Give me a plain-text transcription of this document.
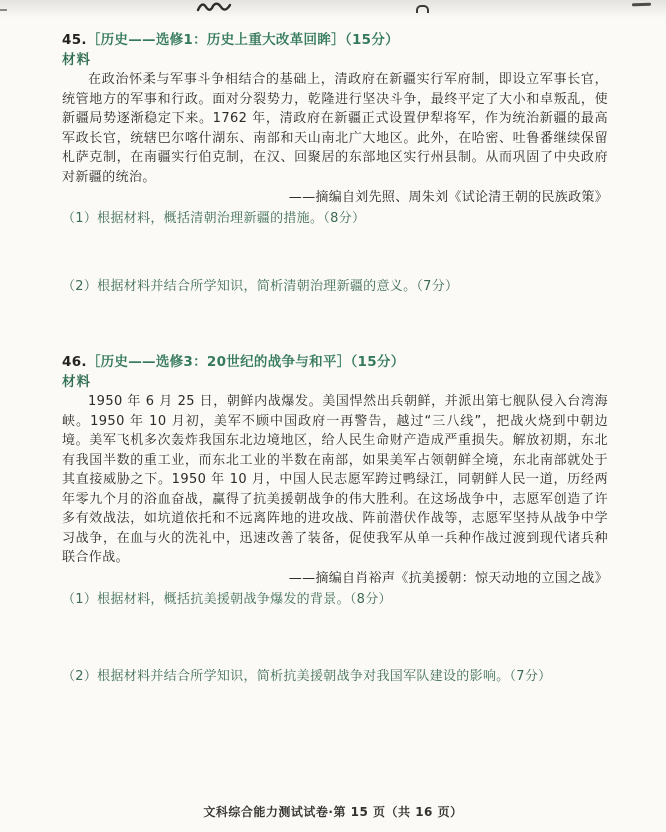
45.［历史——选修1：历史上重大改革回眸］（15分）

材料

在政治怀柔与军事斗争相结合的基础上，清政府在新疆实行军府制，即设立军事长官，统管地方的军事和行政。面对分裂势力，乾隆进行坚决斗争，最终平定了大小和卓叛乱，使新疆局势逐渐稳定下来。1762 年，清政府在新疆正式设置伊犁将军，作为统治新疆的最高军政长官，统辖巴尔喀什湖东、南部和天山南北广大地区。此外，在哈密、吐鲁番继续保留札萨克制，在南疆实行伯克制，在汉、回聚居的东部地区实行州县制。从而巩固了中央政府对新疆的统治。

——摘编自刘先照、周朱刘《试论清王朝的民族政策》

（1）根据材料，概括清朝治理新疆的措施。（8分）

（2）根据材料并结合所学知识，简析清朝治理新疆的意义。（7分）

46.［历史——选修3：20世纪的战争与和平］（15分）

材料

1950 年 6 月 25 日，朝鲜内战爆发。美国悍然出兵朝鲜，并派出第七舰队侵入台湾海峡。1950 年 10 月初，美军不顾中国政府一再警告，越过“三八线”，把战火烧到中朝边境。美军飞机多次轰炸我国东北边境地区，给人民生命财产造成严重损失。解放初期，东北有我国半数的重工业，而东北工业的半数在南部，如果美军占领朝鲜全境，东北南部就处于其直接威胁之下。1950 年 10 月，中国人民志愿军跨过鸭绿江，同朝鲜人民一道，历经两年零九个月的浴血奋战，赢得了抗美援朝战争的伟大胜利。在这场战争中，志愿军创造了许多有效战法，如坑道依托和不远离阵地的进攻战、阵前潜伏作战等，志愿军坚持从战争中学习战争，在血与火的洗礼中，迅速改善了装备，促使我军从单一兵种作战过渡到现代诸兵种联合作战。

——摘编自肖裕声《抗美援朝：惊天动地的立国之战》

（1）根据材料，概括抗美援朝战争爆发的背景。（8分）

（2）根据材料并结合所学知识，简析抗美援朝战争对我国军队建设的影响。（7分）

文科综合能力测试试卷·第 15 页（共 16 页）
